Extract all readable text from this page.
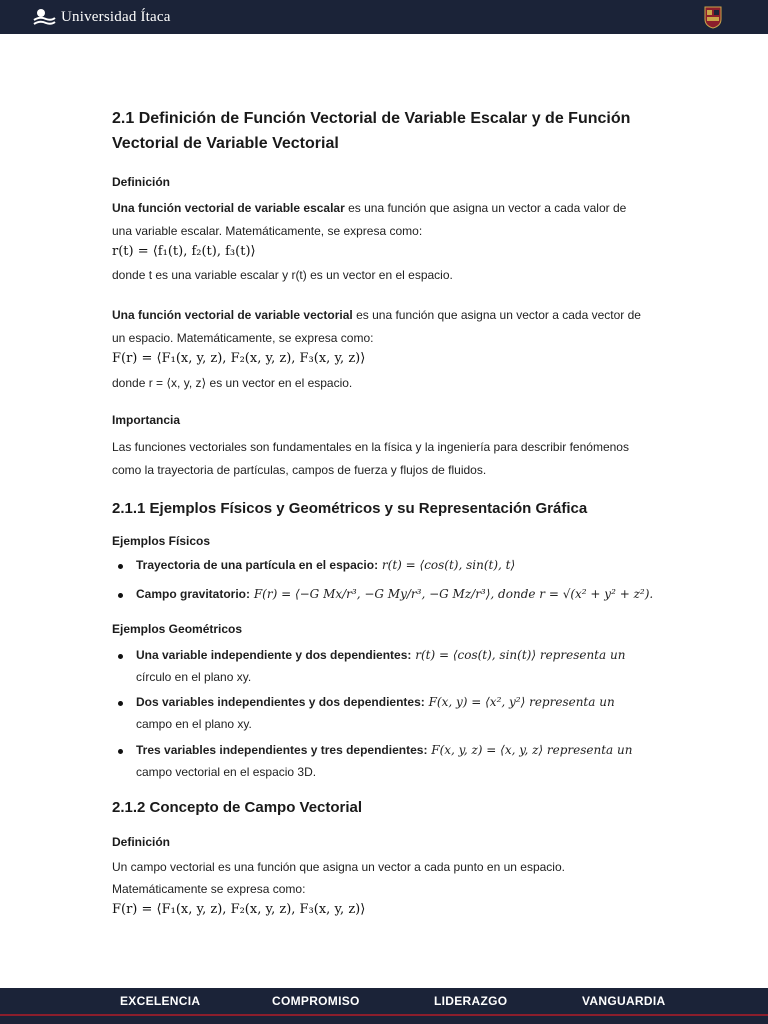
Universidad Ítaca
2.1 Definición de Función Vectorial de Variable Escalar y de Función
Vectorial de Variable Vectorial
Definición
Una función vectorial de variable escalar es una función que asigna un vector a cada valor de
una variable escalar. Matemáticamente, se expresa como:
r(t) = ⟨f₁(t), f₂(t), f₃(t)⟩
donde t es una variable escalar y r(t) es un vector en el espacio.
Una función vectorial de variable vectorial es una función que asigna un vector a cada vector de
un espacio. Matemáticamente, se expresa como:
F(r) = ⟨F₁(x, y, z), F₂(x, y, z), F₃(x, y, z)⟩
donde r = ⟨x, y, z⟩ es un vector en el espacio.
Importancia
Las funciones vectoriales son fundamentales en la física y la ingeniería para describir fenómenos
como la trayectoria de partículas, campos de fuerza y flujos de fluidos.
2.1.1 Ejemplos Físicos y Geométricos y su Representación Gráfica
Ejemplos Físicos
Trayectoria de una partícula en el espacio: r(t) = ⟨cos(t), sin(t), t⟩
Campo gravitatorio: F(r) = ⟨−G Mx/r³, −G My/r³, −G Mz/r³⟩, donde r = √(x² + y² + z²).
Ejemplos Geométricos
Una variable independiente y dos dependientes: r(t) = ⟨cos(t), sin(t)⟩ representa un
círculo en el plano xy.
Dos variables independientes y dos dependientes: F(x, y) = ⟨x², y²⟩ representa un
campo en el plano xy.
Tres variables independientes y tres dependientes: F(x, y, z) = ⟨x, y, z⟩ representa un
campo vectorial en el espacio 3D.
2.1.2 Concepto de Campo Vectorial
Definición
Un campo vectorial es una función que asigna un vector a cada punto en un espacio.
Matemáticamente se expresa como:
F(r) = ⟨F₁(x, y, z), F₂(x, y, z), F₃(x, y, z)⟩
EXCELENCIA	COMPROMISO	LIDERAZGO	VANGUARDIA
